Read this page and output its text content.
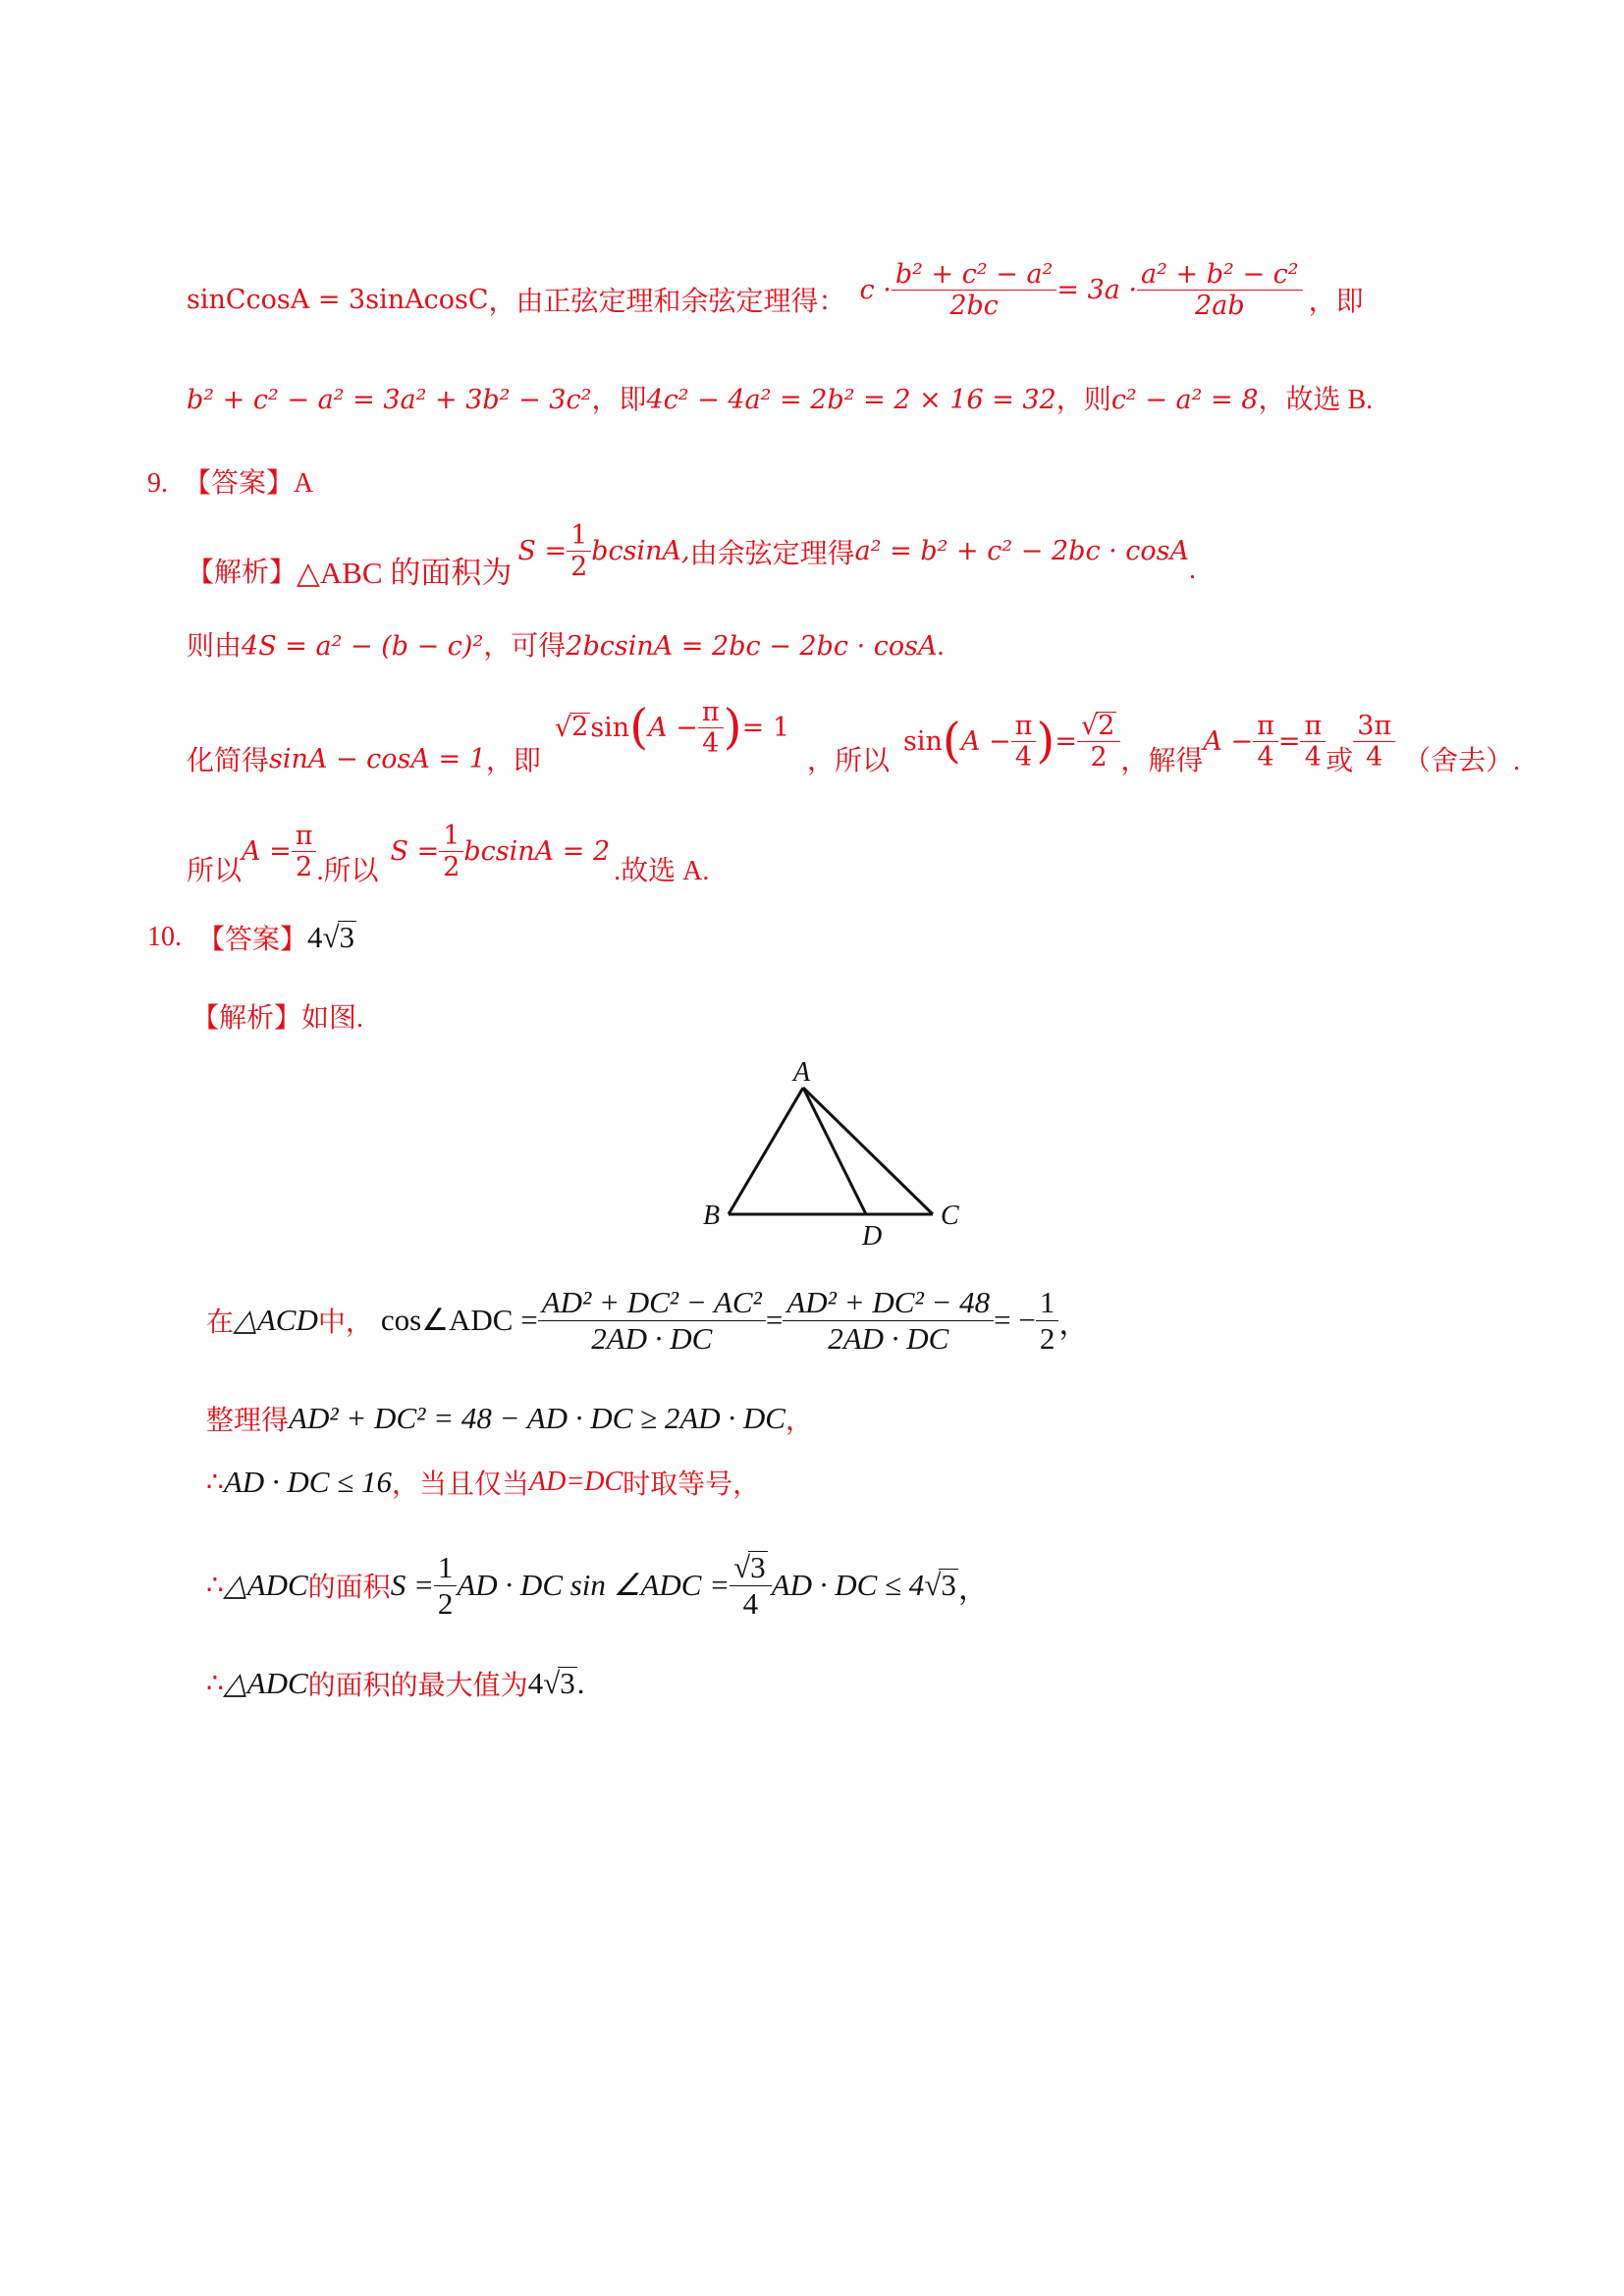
sinCcosA = 3sinAcosC ，由正弦定理和余弦定理得： $c \cdot \frac{\text{b² + c² − a²}}{2bc} = 3a \cdot \frac{\text{a² + b² − c²}}{2ab}$ ，即
b² + c² − a² = 3a² + 3b² − 3c²，即4c² − 4a² = 2b² = 2 × 16 = 32，则c² − a² = 8，故选 B.
9. 【答案】A
【解析】 △ABC 的面积为
$S = \frac{1}{2} bcsinA$, 由余弦定理得 a² = b² + c² − 2bc · cosA
.
则由4S = a² − (b − c)²，可得2bcsinA = 2bc − 2bc · cosA.
化简得 sinA − cosA = 1 ，即
√ 2 sin ( $A - \frac{\pi}{4}$ ) = 1
，所以
sin ( $A - \frac{\pi}{4}$ ) = $\frac{√2}{2}$ ，解得
$A - \frac{\pi}{4} = \frac{\pi}{4}$ 或 $\frac{3\pi}{4}$ （舍去）.
所以
$A = \frac{\pi}{2}$ .所以
$S = \frac{1}{2}$ bcsinA = 2
.故选 A.
10. 【答案】 4√3
【解析】如图.
A
B	C
D
在 △ACD 中， cos∠ADC = $\frac{\text{AD² + DC² − AC²}}{2AD \cdot DC} = \frac{\text{AD² + DC² − 48}}{2AD \cdot DC}$ = − $\frac{1}{2}$ ，
整理得 AD² + DC² = 48 − AD · DC ≥ 2AD · DC ，
∴ AD · DC ≤ 16 ，当且仅当 AD=DC 时取等号，
∴ △ADC 的面积 $S = \frac{1}{2}$ AD · DC sin ∠ADC = $\frac{√3}{4}$ AD · DC ≤ 4 √3 ，
∴ △ADC 的面积的最大值为 4√3 .
